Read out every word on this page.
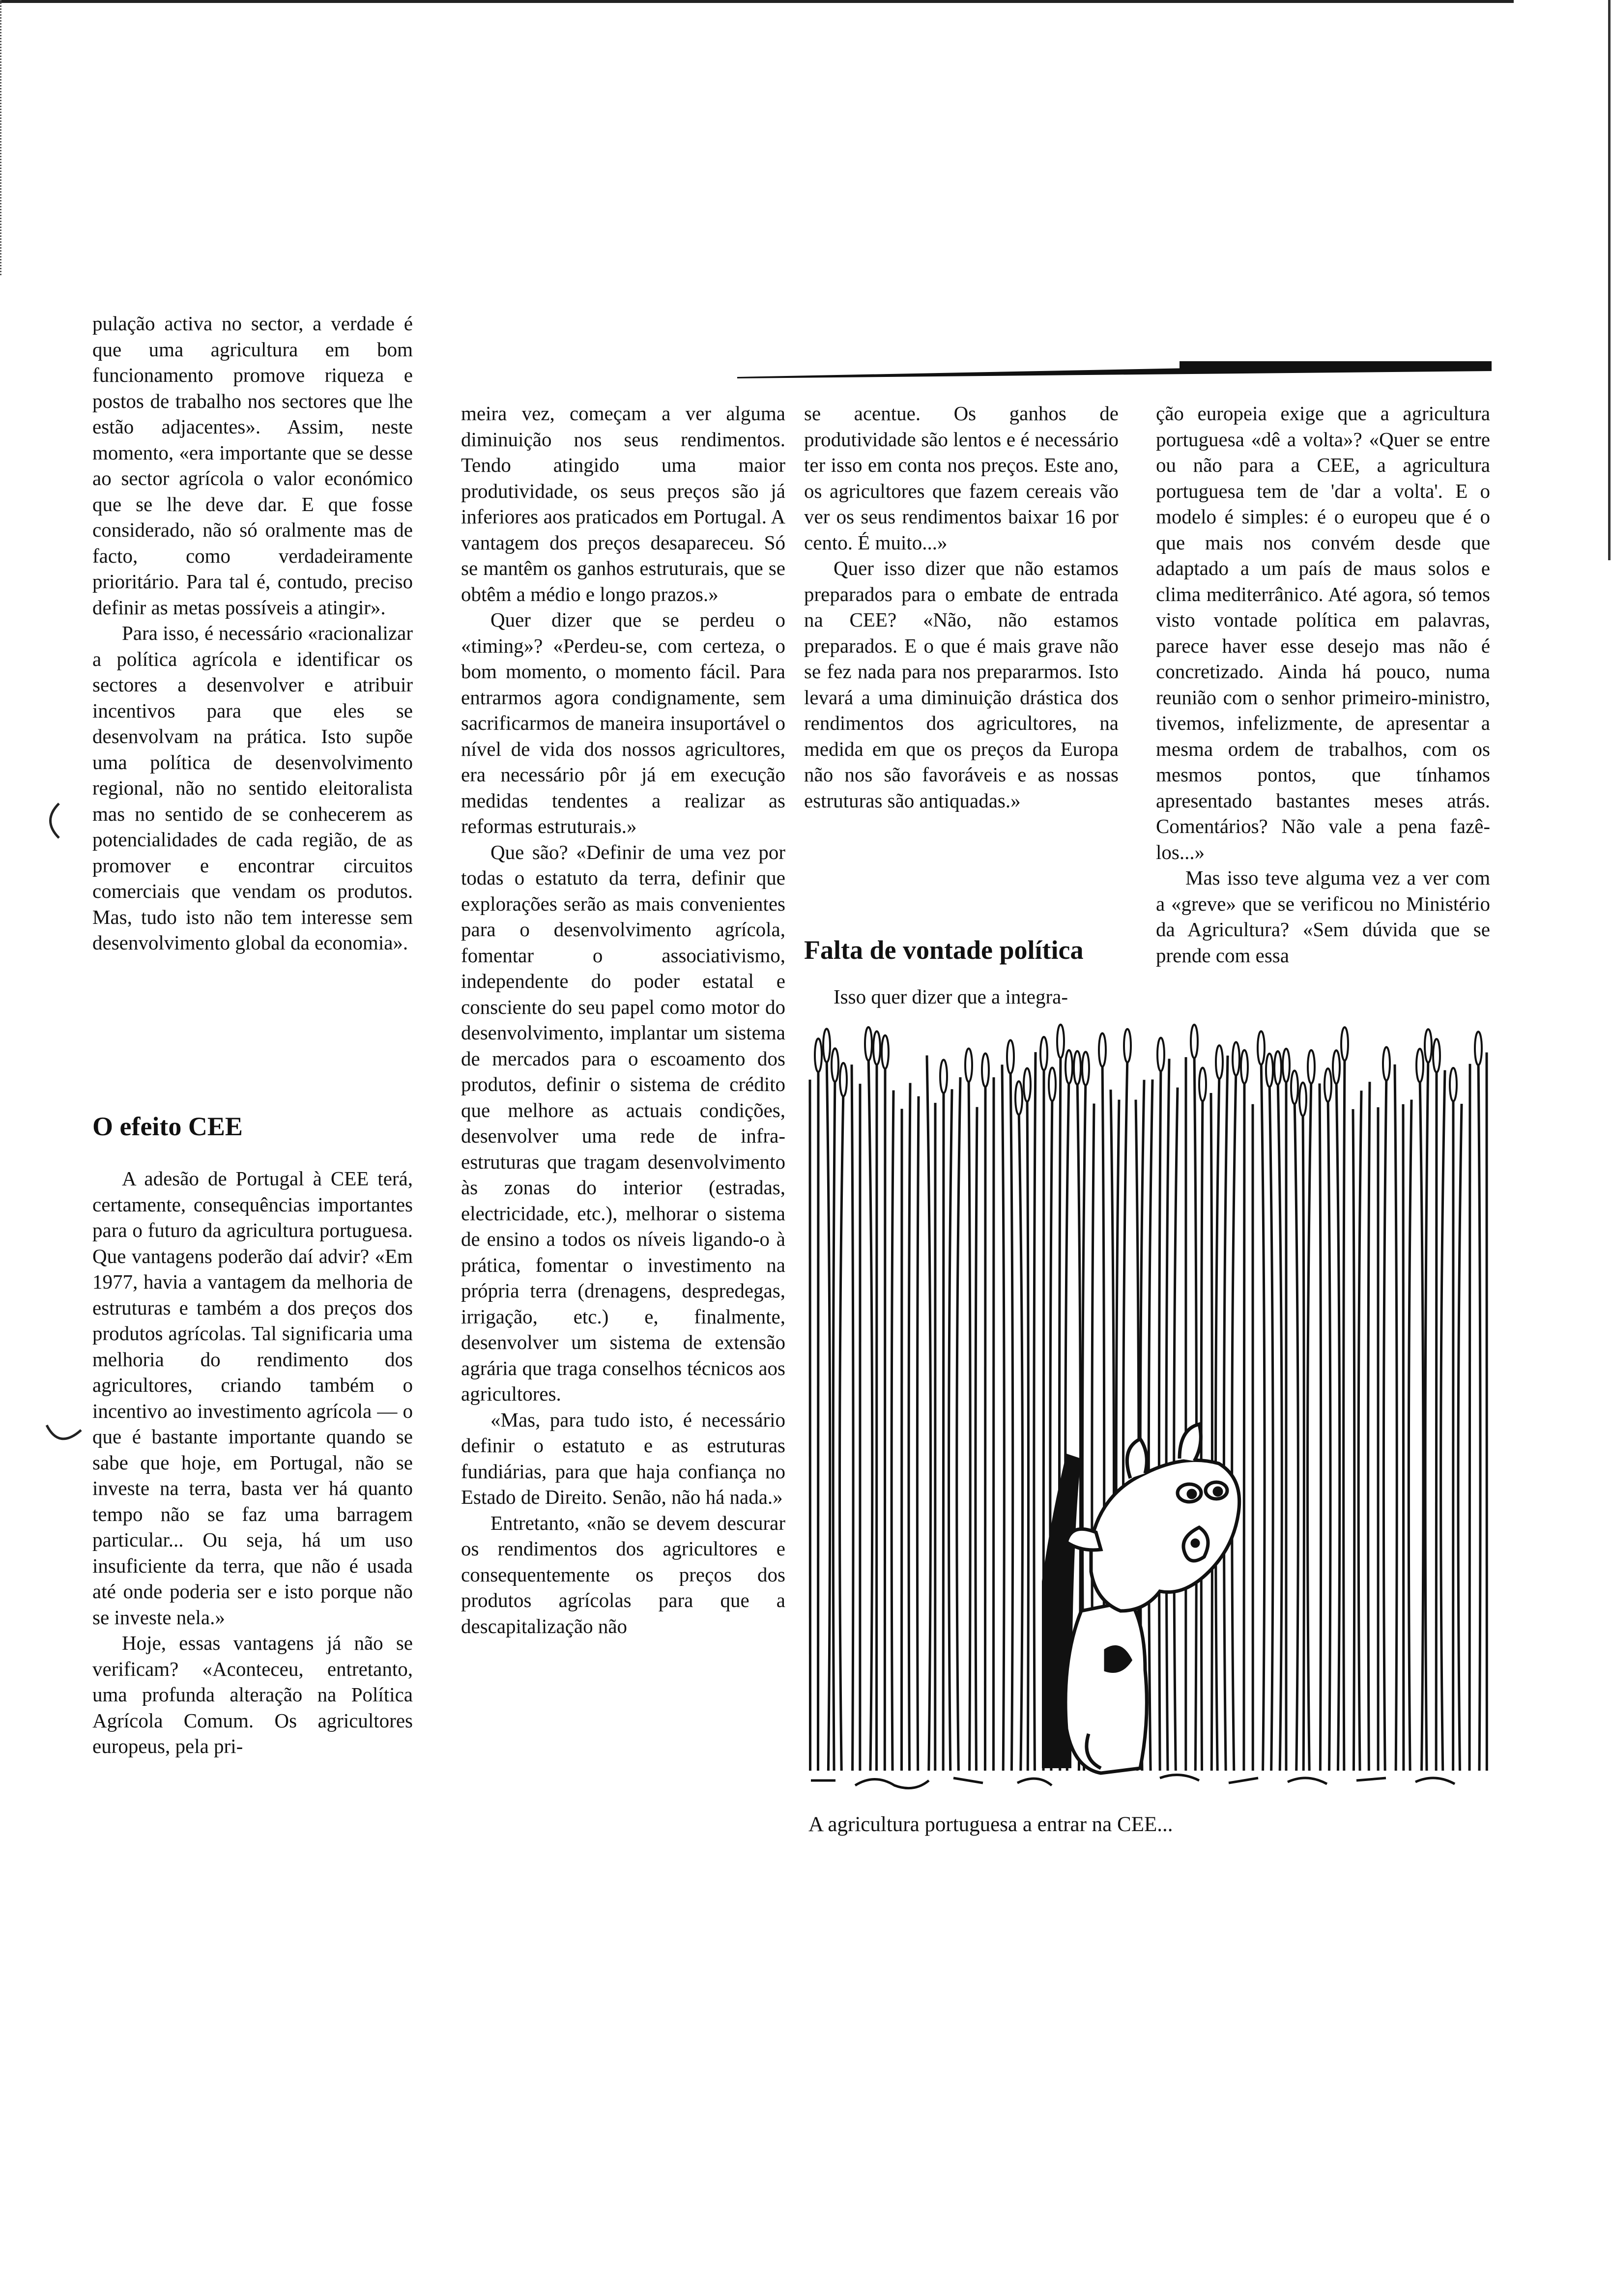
pulação activa no sector, a verdade é que uma agricultura em bom funcionamento promove riqueza e postos de trabalho nos sectores que lhe estão adjacentes». Assim, neste momento, «era importante que se desse ao sector agrícola o valor económico que se lhe deve dar. E que fosse considerado, não só oralmente mas de facto, como verdadeiramente prioritário. Para tal é, contudo, preciso definir as metas possíveis a atingir».

Para isso, é necessário «racionalizar a política agrícola e identificar os sectores a desenvolver e atribuir incentivos para que eles se desenvolvam na prática. Isto supõe uma política de desenvolvimento regional, não no sentido eleitoralista mas no sentido de se conhecerem as potencialidades de cada região, de as promover e encontrar circuitos comerciais que vendam os produtos. Mas, tudo isto não tem interesse sem desenvolvimento global da economia».

O efeito CEE

A adesão de Portugal à CEE terá, certamente, consequências importantes para o futuro da agricultura portuguesa. Que vantagens poderão daí advir? «Em 1977, havia a vantagem da melhoria de estruturas e também a dos preços dos produtos agrícolas. Tal significaria uma melhoria do rendimento dos agricultores, criando também o incentivo ao investimento agrícola — o que é bastante importante quando se sabe que hoje, em Portugal, não se investe na terra, basta ver há quanto tempo não se faz uma barragem particular... Ou seja, há um uso insuficiente da terra, que não é usada até onde poderia ser e isto porque não se investe nela.»

Hoje, essas vantagens já não se verificam? «Aconteceu, entretanto, uma profunda alteração na Política Agrícola Comum. Os agricultores europeus, pela pri-

meira vez, começam a ver alguma diminuição nos seus rendimentos. Tendo atingido uma maior produtividade, os seus preços são já inferiores aos praticados em Portugal. A vantagem dos preços desapareceu. Só se mantêm os ganhos estruturais, que se obtêm a médio e longo prazos.»

Quer dizer que se perdeu o «timing»? «Perdeu-se, com certeza, o bom momento, o momento fácil. Para entrarmos agora condignamente, sem sacrificarmos de maneira insuportável o nível de vida dos nossos agricultores, era necessário pôr já em execução medidas tendentes a realizar as reformas estruturais.»

Que são? «Definir de uma vez por todas o estatuto da terra, definir que explorações serão as mais convenientes para o desenvolvimento agrícola, fomentar o associativismo, independente do poder estatal e consciente do seu papel como motor do desenvolvimento, implantar um sistema de mercados para o escoamento dos produtos, definir o sistema de crédito que melhore as actuais condições, desenvolver uma rede de infra-estruturas que tragam desenvolvimento às zonas do interior (estradas, electricidade, etc.), melhorar o sistema de ensino a todos os níveis ligando-o à prática, fomentar o investimento na própria terra (drenagens, despredegas, irrigação, etc.) e, finalmente, desenvolver um sistema de extensão agrária que traga conselhos técnicos aos agricultores.

«Mas, para tudo isto, é necessário definir o estatuto e as estruturas fundiárias, para que haja confiança no Estado de Direito. Senão, não há nada.»

Entretanto, «não se devem descurar os rendimentos dos agricultores e consequentemente os preços dos produtos agrícolas para que a descapitalização não

se acentue. Os ganhos de produtividade são lentos e é necessário ter isso em conta nos preços. Este ano, os agricultores que fazem cereais vão ver os seus rendimentos baixar 16 por cento. É muito...»

Quer isso dizer que não estamos preparados para o embate de entrada na CEE? «Não, não estamos preparados. E o que é mais grave não se fez nada para nos prepararmos. Isto levará a uma diminuição drástica dos rendimentos dos agricultores, na medida em que os preços da Europa não nos são favoráveis e as nossas estruturas são antiquadas.»

Falta de vontade política

Isso quer dizer que a integra-

ção europeia exige que a agricultura portuguesa «dê a volta»? «Quer se entre ou não para a CEE, a agricultura portuguesa tem de 'dar a volta'. E o modelo é simples: é o europeu que é o que mais nos convém desde que adaptado a um país de maus solos e clima mediterrânico. Até agora, só temos visto vontade política em palavras, parece haver esse desejo mas não é concretizado. Ainda há pouco, numa reunião com o senhor primeiro-ministro, tivemos, infelizmente, de apresentar a mesma ordem de trabalhos, com os mesmos pontos, que tínhamos apresentado bastantes meses atrás. Comentários? Não vale a pena fazê-los...»

Mas isso teve alguma vez a ver com a «greve» que se verificou no Ministério da Agricultura? «Sem dúvida que se prende com essa

A agricultura portuguesa a entrar na CEE...
